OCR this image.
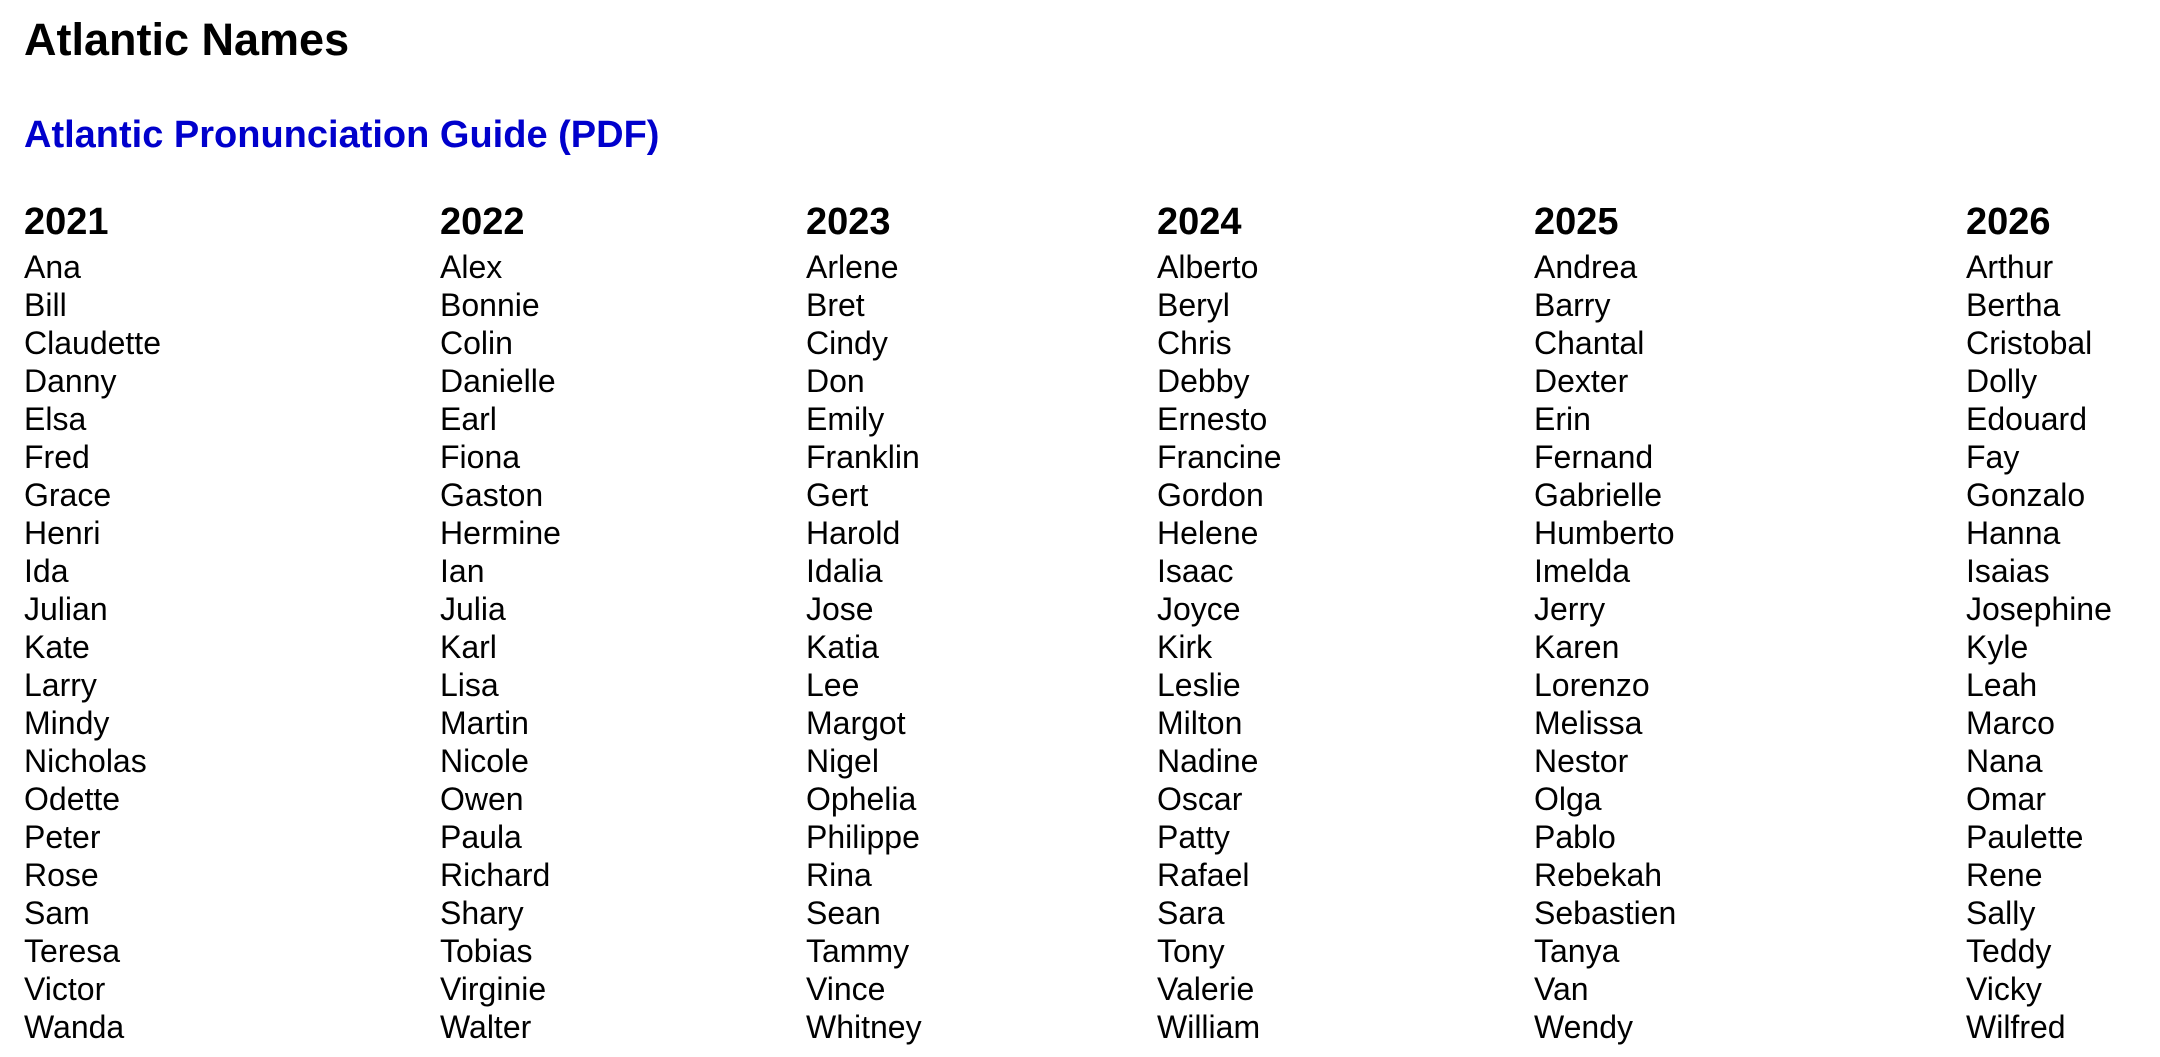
Atlantic Names
Atlantic Pronunciation Guide (PDF)
2021
Ana
Bill
Claudette
Danny
Elsa
Fred
Grace
Henri
Ida
Julian
Kate
Larry
Mindy
Nicholas
Odette
Peter
Rose
Sam
Teresa
Victor
Wanda
2022
Alex
Bonnie
Colin
Danielle
Earl
Fiona
Gaston
Hermine
Ian
Julia
Karl
Lisa
Martin
Nicole
Owen
Paula
Richard
Shary
Tobias
Virginie
Walter
2023
Arlene
Bret
Cindy
Don
Emily
Franklin
Gert
Harold
Idalia
Jose
Katia
Lee
Margot
Nigel
Ophelia
Philippe
Rina
Sean
Tammy
Vince
Whitney
2024
Alberto
Beryl
Chris
Debby
Ernesto
Francine
Gordon
Helene
Isaac
Joyce
Kirk
Leslie
Milton
Nadine
Oscar
Patty
Rafael
Sara
Tony
Valerie
William
2025
Andrea
Barry
Chantal
Dexter
Erin
Fernand
Gabrielle
Humberto
Imelda
Jerry
Karen
Lorenzo
Melissa
Nestor
Olga
Pablo
Rebekah
Sebastien
Tanya
Van
Wendy
2026
Arthur
Bertha
Cristobal
Dolly
Edouard
Fay
Gonzalo
Hanna
Isaias
Josephine
Kyle
Leah
Marco
Nana
Omar
Paulette
Rene
Sally
Teddy
Vicky
Wilfred
